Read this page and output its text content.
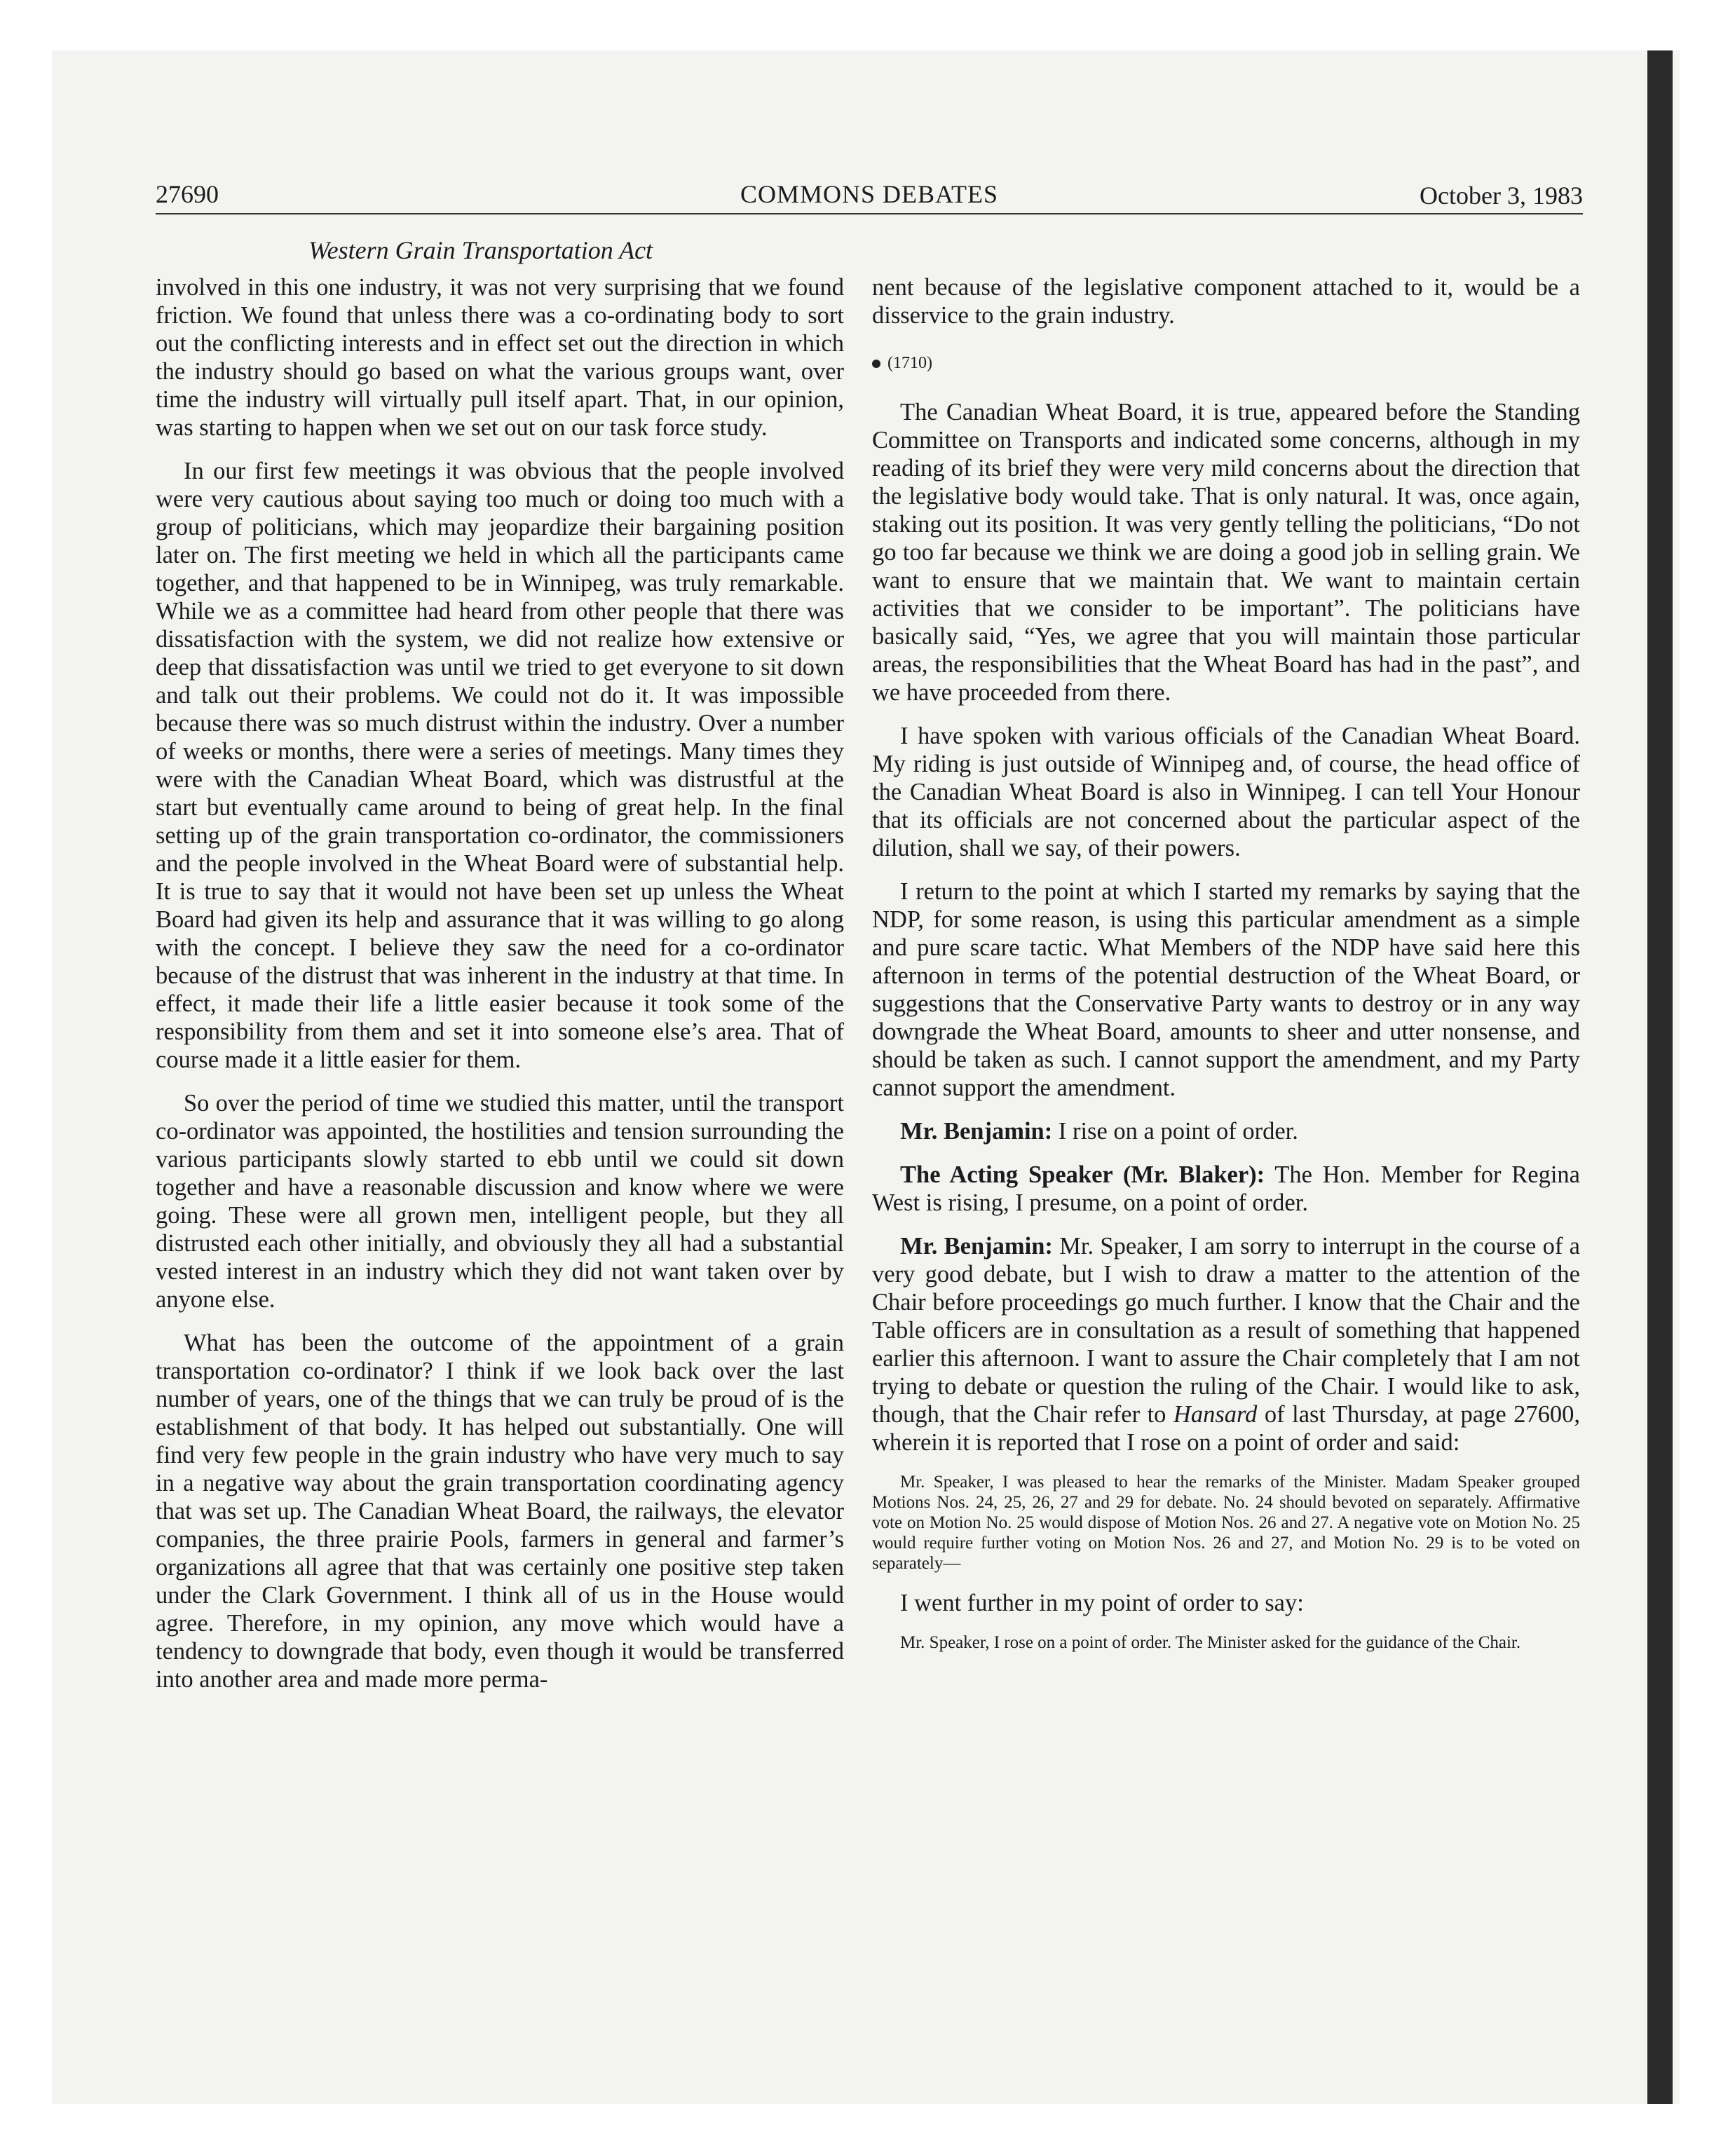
27690	COMMONS DEBATES	October 3, 1983
Western Grain Transportation Act

involved in this one industry, it was not very surprising that we found friction. We found that unless there was a co-ordinating body to sort out the conflicting interests and in effect set out the direction in which the industry should go based on what the various groups want, over time the industry will virtually pull itself apart. That, in our opinion, was starting to happen when we set out on our task force study.

In our first few meetings it was obvious that the people involved were very cautious about saying too much or doing too much with a group of politicians, which may jeopardize their bargaining position later on. The first meeting we held in which all the participants came together, and that happened to be in Winnipeg, was truly remarkable. While we as a committee had heard from other people that there was dissatisfaction with the system, we did not realize how extensive or deep that dissatisfaction was until we tried to get everyone to sit down and talk out their problems. We could not do it. It was impossible because there was so much distrust within the industry. Over a number of weeks or months, there were a series of meetings. Many times they were with the Canadian Wheat Board, which was distrustful at the start but eventually came around to being of great help. In the final setting up of the grain transportation co-ordinator, the commissioners and the people involved in the Wheat Board were of substantial help. It is true to say that it would not have been set up unless the Wheat Board had given its help and assurance that it was willing to go along with the concept. I believe they saw the need for a co-ordinator because of the distrust that was inherent in the industry at that time. In effect, it made their life a little easier because it took some of the responsibility from them and set it into someone else’s area. That of course made it a little easier for them.

So over the period of time we studied this matter, until the transport co-ordinator was appointed, the hostilities and tension surrounding the various participants slowly started to ebb until we could sit down together and have a reasonable discussion and know where we were going. These were all grown men, intelligent people, but they all distrusted each other initially, and obviously they all had a substantial vested interest in an industry which they did not want taken over by anyone else.

What has been the outcome of the appointment of a grain transportation co-ordinator? I think if we look back over the last number of years, one of the things that we can truly be proud of is the establishment of that body. It has helped out substantially. One will find very few people in the grain industry who have very much to say in a negative way about the grain transportation coordinating agency that was set up. The Canadian Wheat Board, the railways, the elevator companies, the three prairie Pools, farmers in general and farmer’s organizations all agree that that was certainly one positive step taken under the Clark Government. I think all of us in the House would agree. Therefore, in my opinion, any move which would have a tendency to downgrade that body, even though it would be transferred into another area and made more perma-

nent because of the legislative component attached to it, would be a disservice to the grain industry.

(1710)

The Canadian Wheat Board, it is true, appeared before the Standing Committee on Transports and indicated some concerns, although in my reading of its brief they were very mild concerns about the direction that the legislative body would take. That is only natural. It was, once again, staking out its position. It was very gently telling the politicians, “Do not go too far because we think we are doing a good job in selling grain. We want to ensure that we maintain that. We want to maintain certain activities that we consider to be important”. The politicians have basically said, “Yes, we agree that you will maintain those particular areas, the responsibilities that the Wheat Board has had in the past”, and we have proceeded from there.

I have spoken with various officials of the Canadian Wheat Board. My riding is just outside of Winnipeg and, of course, the head office of the Canadian Wheat Board is also in Winnipeg. I can tell Your Honour that its officials are not concerned about the particular aspect of the dilution, shall we say, of their powers.

I return to the point at which I started my remarks by saying that the NDP, for some reason, is using this particular amendment as a simple and pure scare tactic. What Members of the NDP have said here this afternoon in terms of the potential destruction of the Wheat Board, or suggestions that the Conservative Party wants to destroy or in any way downgrade the Wheat Board, amounts to sheer and utter nonsense, and should be taken as such. I cannot support the amendment, and my Party cannot support the amendment.

Mr. Benjamin: I rise on a point of order.

The Acting Speaker (Mr. Blaker): The Hon. Member for Regina West is rising, I presume, on a point of order.

Mr. Benjamin: Mr. Speaker, I am sorry to interrupt in the course of a very good debate, but I wish to draw a matter to the attention of the Chair before proceedings go much further. I know that the Chair and the Table officers are in consultation as a result of something that happened earlier this afternoon. I want to assure the Chair completely that I am not trying to debate or question the ruling of the Chair. I would like to ask, though, that the Chair refer to Hansard of last Thursday, at page 27600, wherein it is reported that I rose on a point of order and said:

Mr. Speaker, I was pleased to hear the remarks of the Minister. Madam Speaker grouped Motions Nos. 24, 25, 26, 27 and 29 for debate. No. 24 should bevoted on separately. Affirmative vote on Motion No. 25 would dispose of Motion Nos. 26 and 27. A negative vote on Motion No. 25 would require further voting on Motion Nos. 26 and 27, and Motion No. 29 is to be voted on separately—

I went further in my point of order to say:

Mr. Speaker, I rose on a point of order. The Minister asked for the guidance of the Chair.
